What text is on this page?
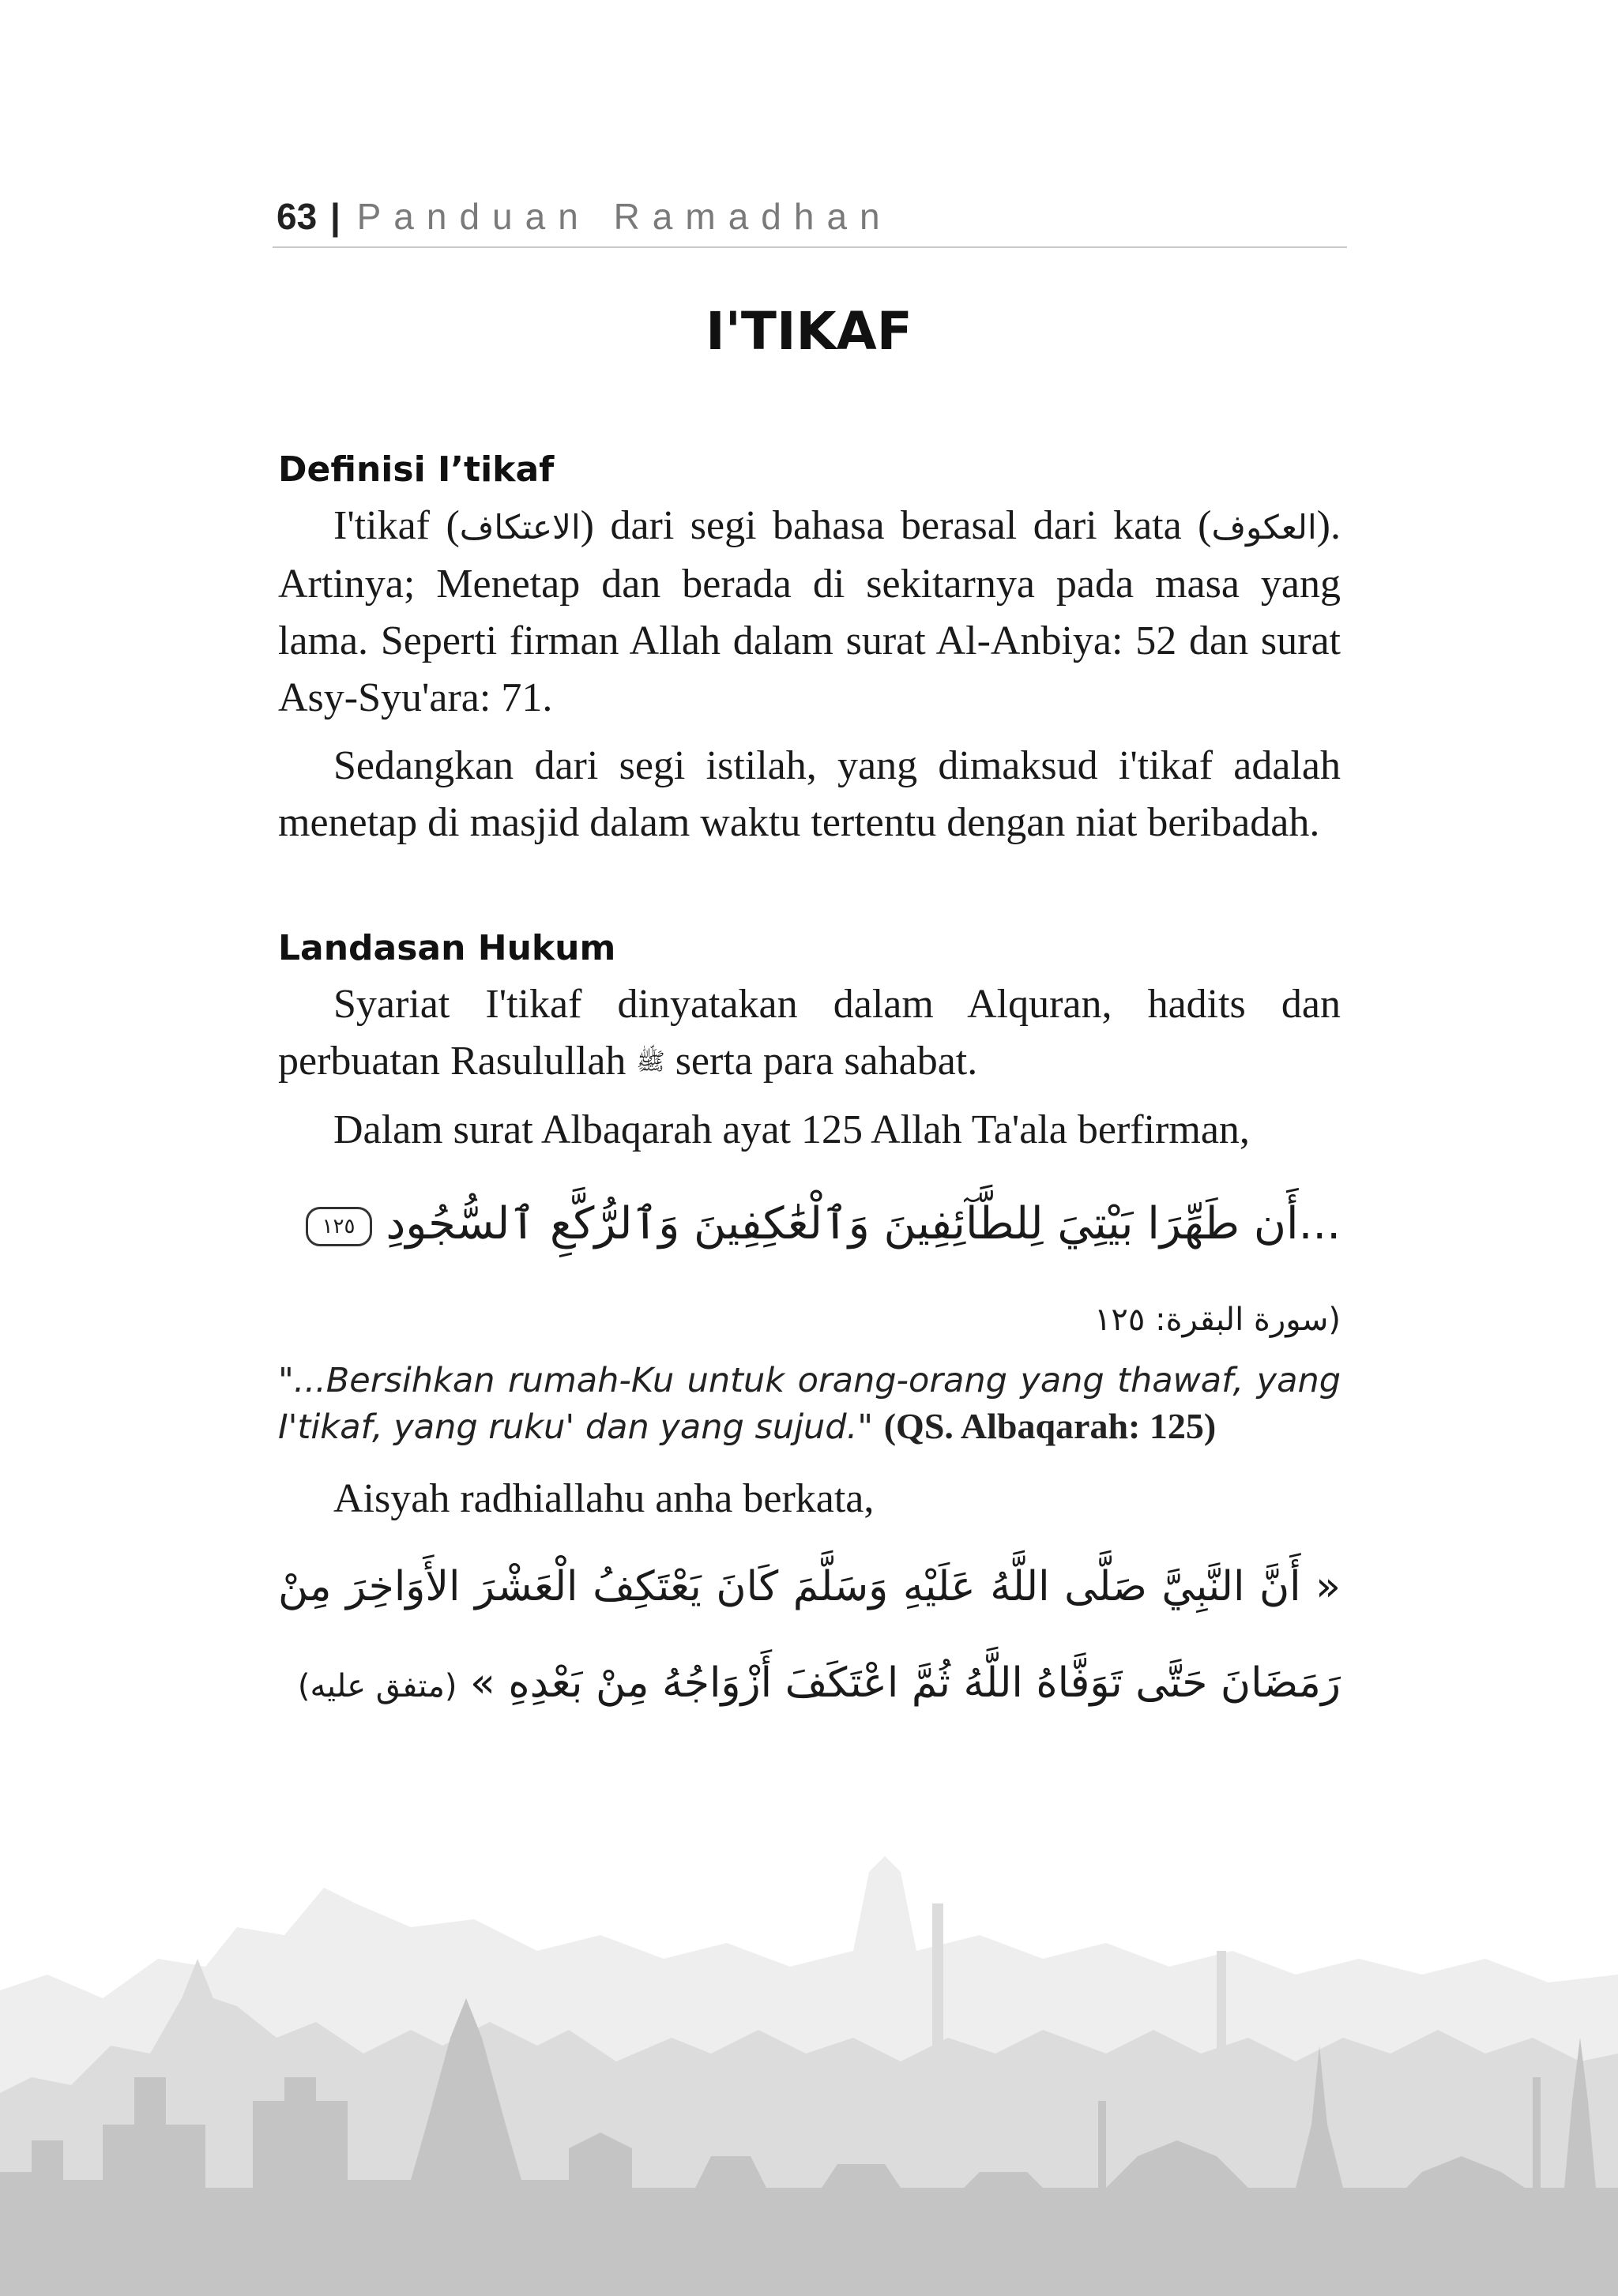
63 | Panduan Ramadhan
I'TIKAF
Definisi I’tikaf

I'tikaf (الاعتكاف) dari segi bahasa berasal dari kata (العكوف). Artinya; Menetap dan berada di sekitarnya pada masa yang lama. Seperti firman Allah dalam surat Al-Anbiya: 52 dan surat Asy-Syu'ara: 71.

Sedangkan dari segi istilah, yang dimaksud i'tikaf adalah menetap di masjid dalam waktu tertentu dengan niat beribadah.

Landasan Hukum

Syariat I'tikaf dinyatakan dalam Alquran, hadits dan perbuatan Rasulullah ﷺ serta para sahabat.

Dalam surat Albaqarah ayat 125 Allah Ta'ala berfirman,

...أَن طَهِّرَا بَيْتِيَ لِلطَّآئِفِينَ وَٱلْعَٰكِفِينَ وَٱلرُّكَّعِ ٱلسُّجُودِ ١٢٥
(سورة البقرة: ١٢٥

"...Bersihkan rumah-Ku untuk orang-orang yang thawaf, yang I'tikaf, yang ruku' dan yang sujud." (QS. Albaqarah: 125)

Aisyah radhiallahu anha berkata,

« أَنَّ النَّبِيَّ صَلَّى اللَّهُ عَلَيْهِ وَسَلَّمَ كَانَ يَعْتَكِفُ الْعَشْرَ الأَوَاخِرَ مِنْ رَمَضَانَ حَتَّى تَوَفَّاهُ اللَّهُ ثُمَّ اعْتَكَفَ أَزْوَاجُهُ مِنْ بَعْدِهِ » (متفق عليه)
